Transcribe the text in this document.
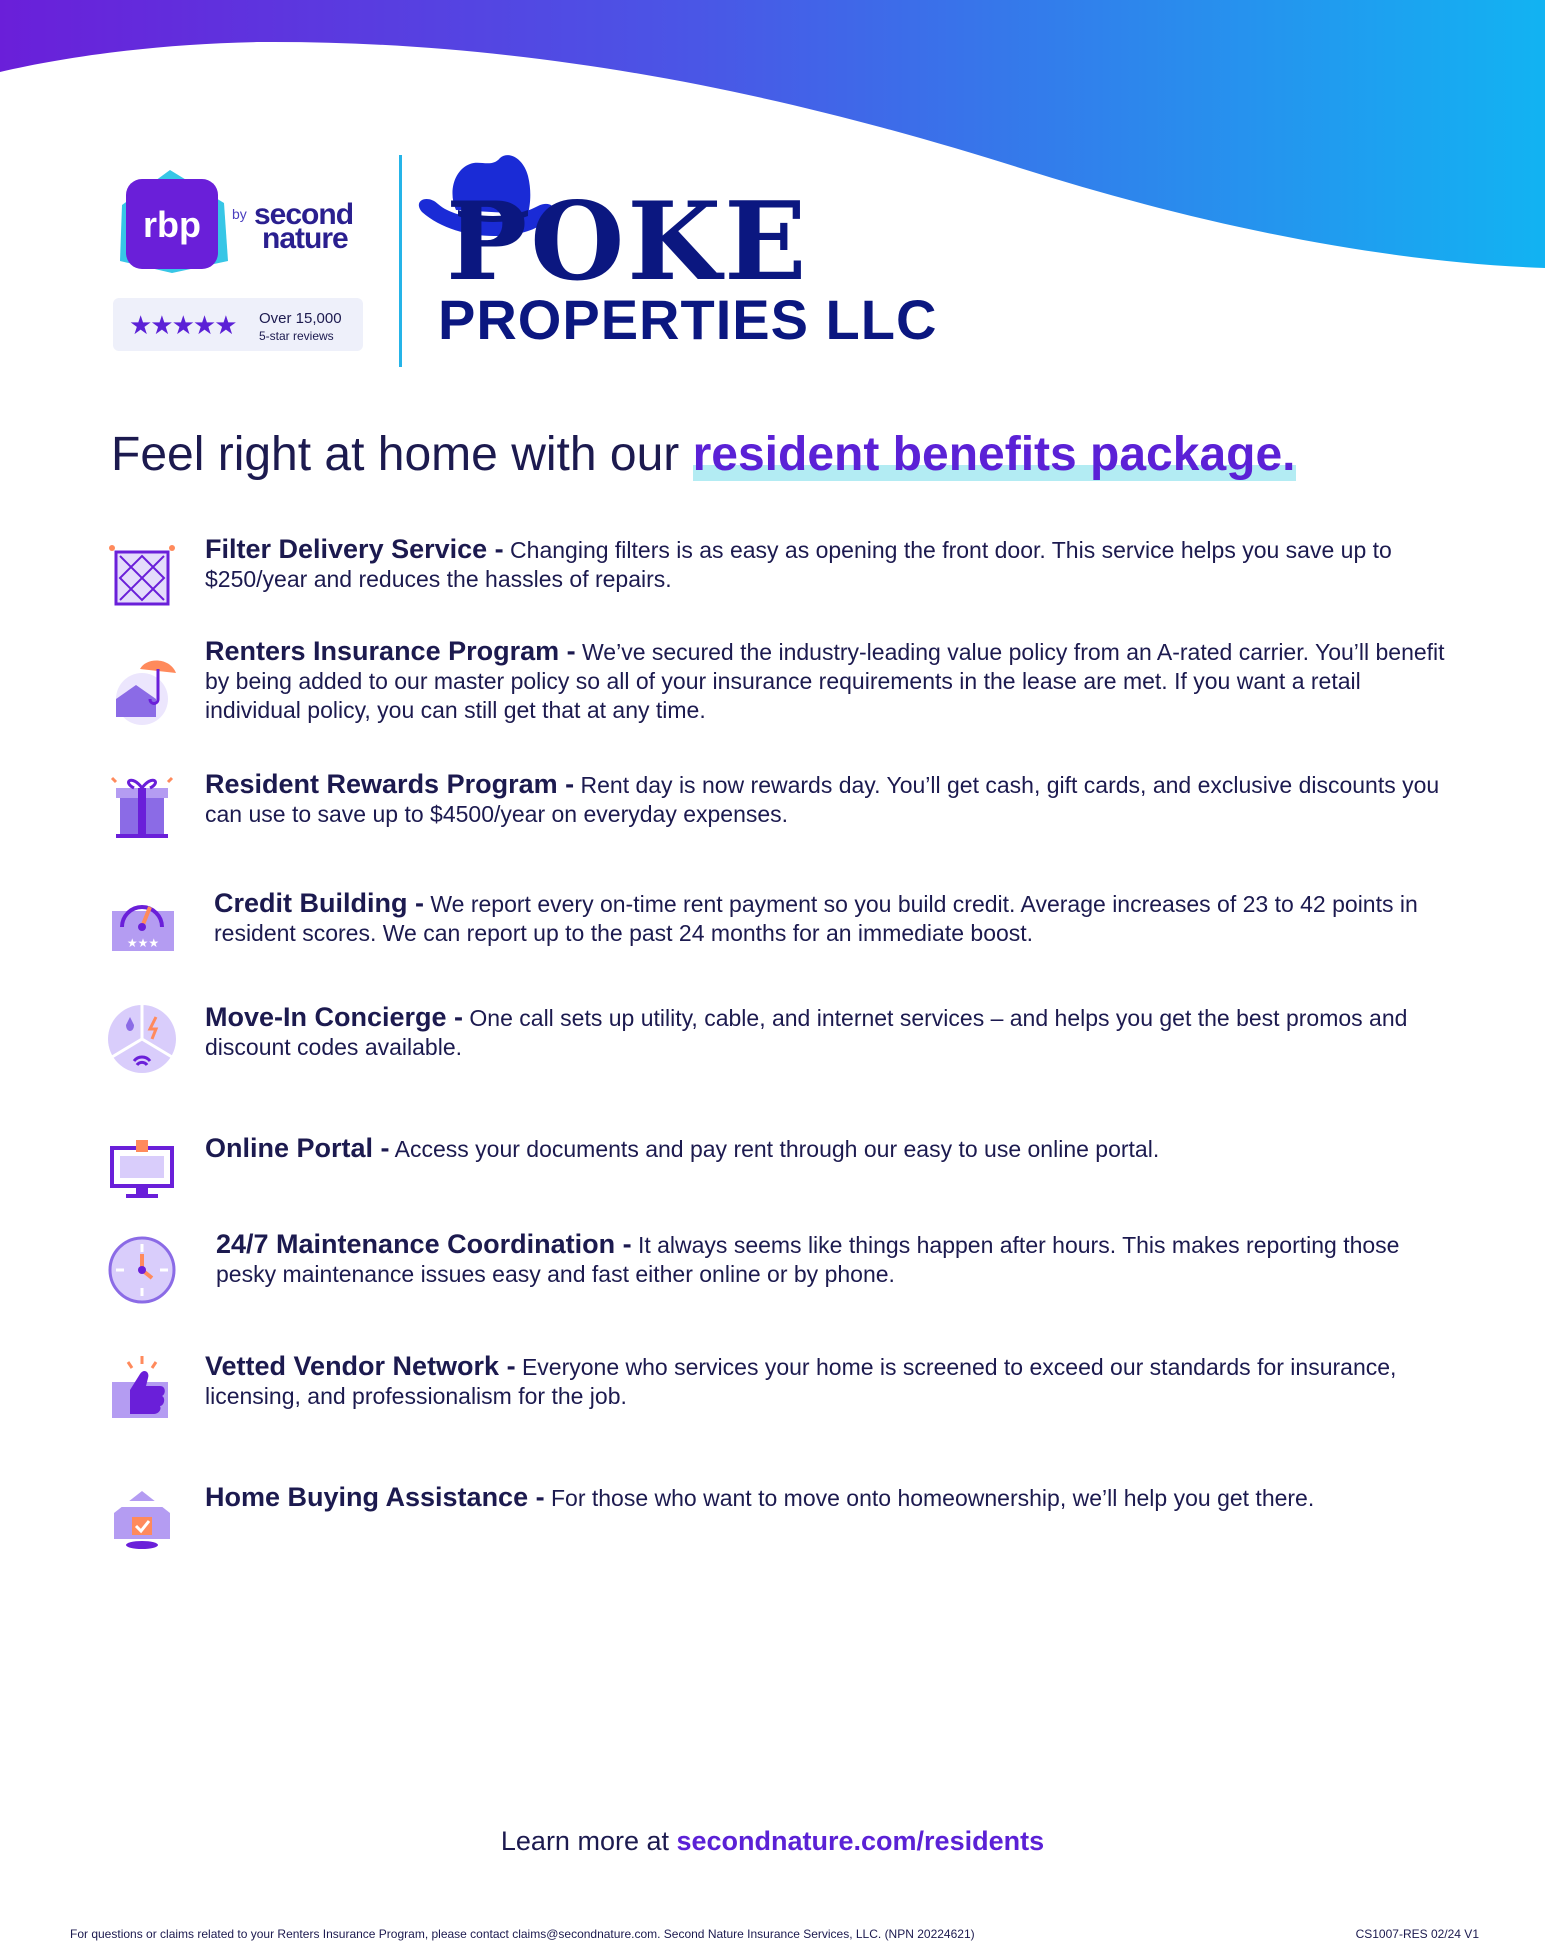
rbp by second
nature
★★★★★ Over 15,000
5-star reviews
POKE
PROPERTIES LLC
Feel right at home with our resident benefits package.
Filter Delivery Service - Changing filters is as easy as opening the front door. This service helps you save up to $250/year and reduces the hassles of repairs.
Renters Insurance Program - We’ve secured the industry-leading value policy from an A-rated carrier. You’ll benefit by being added to our master policy so all of your insurance requirements in the lease are met. If you want a retail individual policy, you can still get that at any time.
Resident Rewards Program - Rent day is now rewards day. You’ll get cash, gift cards, and exclusive discounts you can use to save up to $4500/year on everyday expenses.
★★★
Credit Building - We report every on-time rent payment so you build credit. Average increases of 23 to 42 points in resident scores. We can report up to the past 24 months for an immediate boost.
Move-In Concierge - One call sets up utility, cable, and internet services – and helps you get the best promos and discount codes available.
Online Portal - Access your documents and pay rent through our easy to use online portal.
24/7 Maintenance Coordination - It always seems like things happen after hours. This makes reporting those pesky maintenance issues easy and fast either online or by phone.
Vetted Vendor Network - Everyone who services your home is screened to exceed our standards for insurance, licensing, and professionalism for the job.
Home Buying Assistance - For those who want to move onto homeownership, we’ll help you get there.
Learn more at secondnature.com/residents
For questions or claims related to your Renters Insurance Program, please contact claims@secondnature.com. Second Nature Insurance Services, LLC. (NPN 20224621)	CS1007-RES 02/24 V1
